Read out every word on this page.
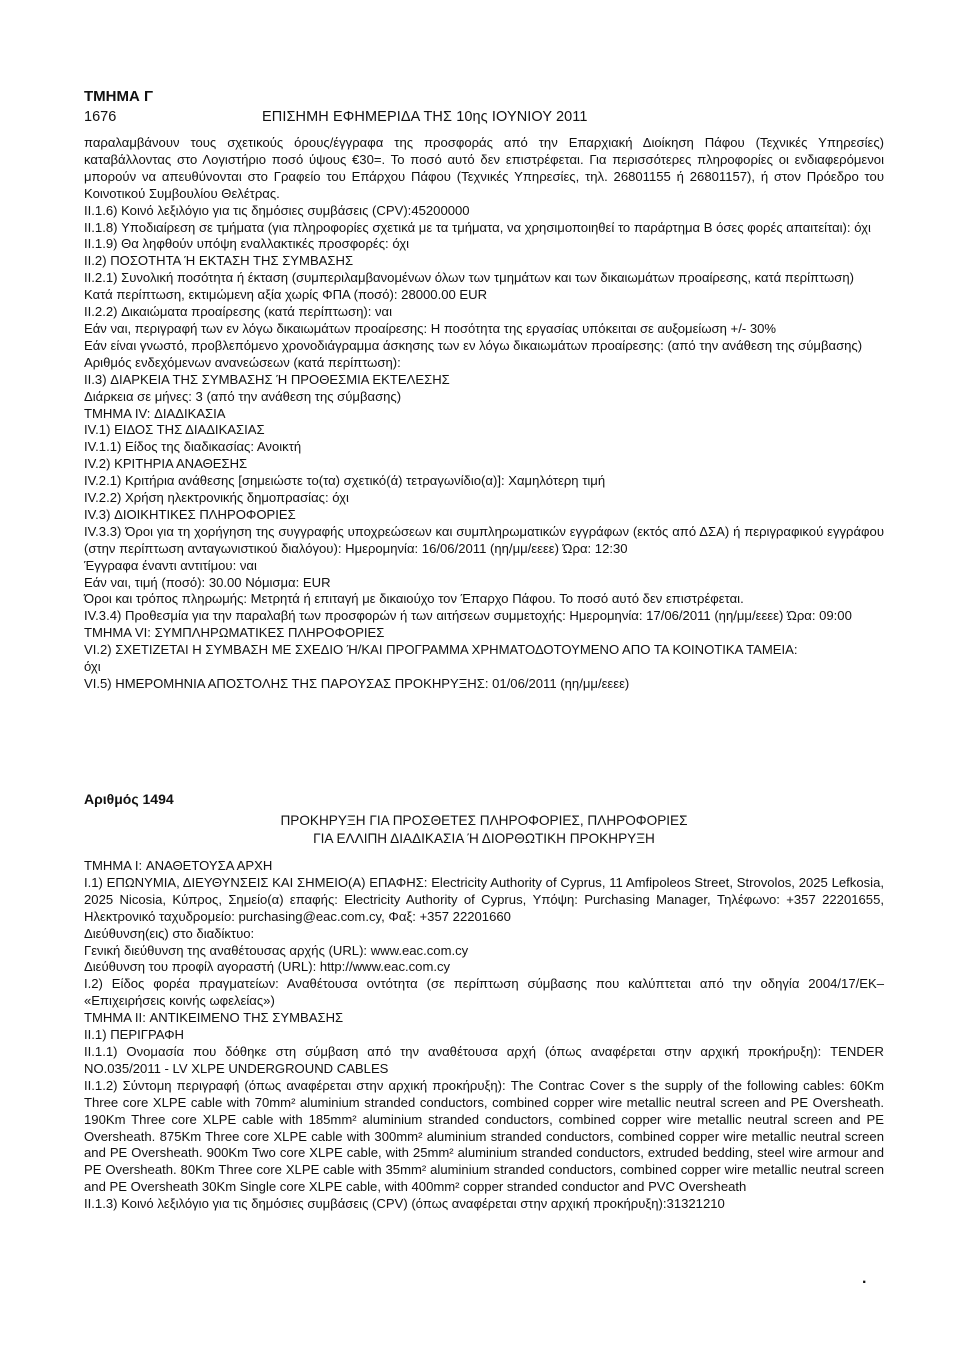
ΤΜΗΜΑ Γ
1676	ΕΠΙΣΗΜΗ ΕΦΗΜΕΡΙΔΑ ΤΗΣ 10ης ΙΟΥΝΙΟΥ 2011

παραλαμβάνουν τους σχετικούς όρους/έγγραφα της προσφοράς από την Επαρχιακή Διοίκηση Πάφου (Τεχνικές Υπηρεσίες) καταβάλλοντας στο Λογιστήριο ποσό ύψους €30=. Το ποσό αυτό δεν επιστρέφεται. Για περισσότερες πληροφορίες οι ενδιαφερόμενοι μπορούν να απευθύνονται στο Γραφείο του Επάρχου Πάφου (Τεχνικές Υπηρεσίες, τηλ. 26801155 ή 26801157), ή στον Πρόεδρο του Κοινοτικού Συμβουλίου Θελέτρας.

II.1.6) Κοινό λεξιλόγιο για τις δημόσιες συμβάσεις (CPV):45200000

II.1.8) Υποδιαίρεση σε τμήματα (για πληροφορίες σχετικά με τα τμήματα, να χρησιμοποιηθεί το παράρτημα Β όσες φορές απαιτείται): όχι

II.1.9) Θα ληφθούν υπόψη εναλλακτικές προσφορές: όχι

II.2) ΠΟΣΟΤΗΤΑ Ή ΕΚΤΑΣΗ ΤΗΣ ΣΥΜΒΑΣΗΣ

II.2.1) Συνολική ποσότητα ή έκταση (συμπεριλαμβανομένων όλων των τμημάτων και των δικαιωμάτων προαίρεσης, κατά περίπτωση)

Κατά περίπτωση, εκτιμώμενη αξία χωρίς ΦΠΑ (ποσό): 28000.00 EUR

II.2.2) Δικαιώματα προαίρεσης (κατά περίπτωση): ναι

Εάν ναι, περιγραφή των εν λόγω δικαιωμάτων προαίρεσης: Η ποσότητα της εργασίας υπόκειται σε αυξομείωση +/- 30%

Εάν είναι γνωστό, προβλεπόμενο χρονοδιάγραμμα άσκησης των εν λόγω δικαιωμάτων προαίρεσης: (από την ανάθεση της σύμβασης)

Αριθμός ενδεχόμενων ανανεώσεων (κατά περίπτωση):

II.3) ΔΙΑΡΚΕΙΑ ΤΗΣ ΣΥΜΒΑΣΗΣ Ή ΠΡΟΘΕΣΜΙΑ ΕΚΤΕΛΕΣΗΣ

Διάρκεια σε μήνες: 3 (από την ανάθεση της σύμβασης)

ΤΜΗΜΑ IV: ΔΙΑΔΙΚΑΣΙΑ

IV.1) ΕΙΔΟΣ ΤΗΣ ΔΙΑΔΙΚΑΣΙΑΣ

IV.1.1) Είδος της διαδικασίας: Ανοικτή

IV.2) ΚΡΙΤΗΡΙΑ ΑΝΑΘΕΣΗΣ

IV.2.1) Κριτήρια ανάθεσης [σημειώστε το(τα) σχετικό(ά) τετραγωνίδιο(α)]: Χαμηλότερη τιμή

IV.2.2) Χρήση ηλεκτρονικής δημοπρασίας: όχι

IV.3) ΔΙΟΙΚΗΤΙΚΕΣ ΠΛΗΡΟΦΟΡΙΕΣ

IV.3.3) Όροι για τη χορήγηση της συγγραφής υποχρεώσεων και συμπληρωματικών εγγράφων (εκτός από ΔΣΑ) ή περιγραφικού εγγράφου (στην περίπτωση ανταγωνιστικού διαλόγου): Ημερομηνία: 16/06/2011 (ηη/μμ/εεεε) Ώρα: 12:30

Έγγραφα έναντι αντιτίμου: ναι

Εάν ναι, τιμή (ποσό): 30.00 Νόμισμα: EUR

Όροι και τρόπος πληρωμής: Μετρητά ή επιταγή με δικαιούχο τον Έπαρχο Πάφου. Το ποσό αυτό δεν επιστρέφεται.

IV.3.4) Προθεσμία για την παραλαβή των προσφορών ή των αιτήσεων συμμετοχής: Ημερομηνία: 17/06/2011 (ηη/μμ/εεεε) Ώρα: 09:00

ΤΜΗΜΑ VI: ΣΥΜΠΛΗΡΩΜΑΤΙΚΕΣ ΠΛΗΡΟΦΟΡΙΕΣ

VI.2) ΣΧΕΤΙΖΕΤΑΙ Η ΣΥΜΒΑΣΗ ΜΕ ΣΧΕΔΙΟ Ή/ΚΑΙ ΠΡΟΓΡΑΜΜΑ ΧΡΗΜΑΤΟΔΟΤΟΥΜΕΝΟ ΑΠΟ ΤΑ ΚΟΙΝΟΤΙΚΑ ΤΑΜΕΙΑ:

όχι

VI.5) ΗΜΕΡΟΜΗΝΙΑ ΑΠΟΣΤΟΛΗΣ ΤΗΣ ΠΑΡΟΥΣΑΣ ΠΡΟΚΗΡΥΞΗΣ: 01/06/2011 (ηη/μμ/εεεε)

Αριθμός 1494
ΠΡΟΚΗΡΥΞΗ ΓΙΑ ΠΡΟΣΘΕΤΕΣ ΠΛΗΡΟΦΟΡΙΕΣ, ΠΛΗΡΟΦΟΡΙΕΣ
ΓΙΑ ΕΛΛΙΠΗ ΔΙΑΔΙΚΑΣΙΑ Ή ΔΙΟΡΘΩΤΙΚΗ ΠΡΟΚΗΡΥΞΗ

ΤΜΗΜΑ I: ΑΝΑΘΕΤΟΥΣΑ ΑΡΧΗ

I.1) ΕΠΩΝΥΜΙΑ, ΔΙΕΥΘΥΝΣΕΙΣ ΚΑΙ ΣΗΜΕΙΟ(Α) ΕΠΑΦΗΣ: Electricity Authority of Cyprus, 11 Amfipoleos Street, Strovolos, 2025 Lefkosia, 2025 Nicosia, Κύπρος, Σημείο(α) επαφής: Electricity Authority of Cyprus, Υπόψη: Purchasing Manager, Τηλέφωνο: +357 22201655, Ηλεκτρονικό ταχυδρομείο: purchasing@eac.com.cy, Φαξ: +357 22201660

Διεύθυνση(εις) στο διαδίκτυο:

Γενική διεύθυνση της αναθέτουσας αρχής (URL): www.eac.com.cy

Διεύθυνση του προφίλ αγοραστή (URL): http://www.eac.com.cy

I.2) Είδος φορέα πραγματείων: Αναθέτουσα οντότητα (σε περίπτωση σύμβασης που καλύπτεται από την οδηγία 2004/17/ΕΚ– «Επιχειρήσεις κοινής ωφελείας»)

ΤΜΗΜΑ II: ΑΝΤΙΚΕΙΜΕΝΟ ΤΗΣ ΣΥΜΒΑΣΗΣ

II.1) ΠΕΡΙΓΡΑΦΗ

II.1.1) Ονομασία που δόθηκε στη σύμβαση από την αναθέτουσα αρχή (όπως αναφέρεται στην αρχική προκήρυξη): TENDER NO.035/2011 - LV XLPE UNDERGROUND CABLES

II.1.2) Σύντομη περιγραφή (όπως αναφέρεται στην αρχική προκήρυξη): The Contrac Cover s the supply of the following cables: 60Km Three core XLPE cable with 70mm² aluminium stranded conductors, combined copper wire metallic neutral screen and PE Oversheath. 190Km Three core XLPE cable with 185mm² aluminium stranded conductors, combined copper wire metallic neutral screen and PE Oversheath. 875Km Three core XLPE cable with 300mm² aluminium stranded conductors, combined copper wire metallic neutral screen and PE Oversheath. 900Km Two core XLPE cable, with 25mm² aluminium stranded conductors, extruded bedding, steel wire armour and PE Oversheath. 80Km Three core XLPE cable with 35mm² aluminium stranded conductors, combined copper wire metallic neutral screen and PE Oversheath 30Km Single core XLPE cable, with 400mm² copper stranded conductor and PVC Oversheath

II.1.3) Κοινό λεξιλόγιο για τις δημόσιες συμβάσεις (CPV) (όπως αναφέρεται στην αρχική προκήρυξη):31321210

.
